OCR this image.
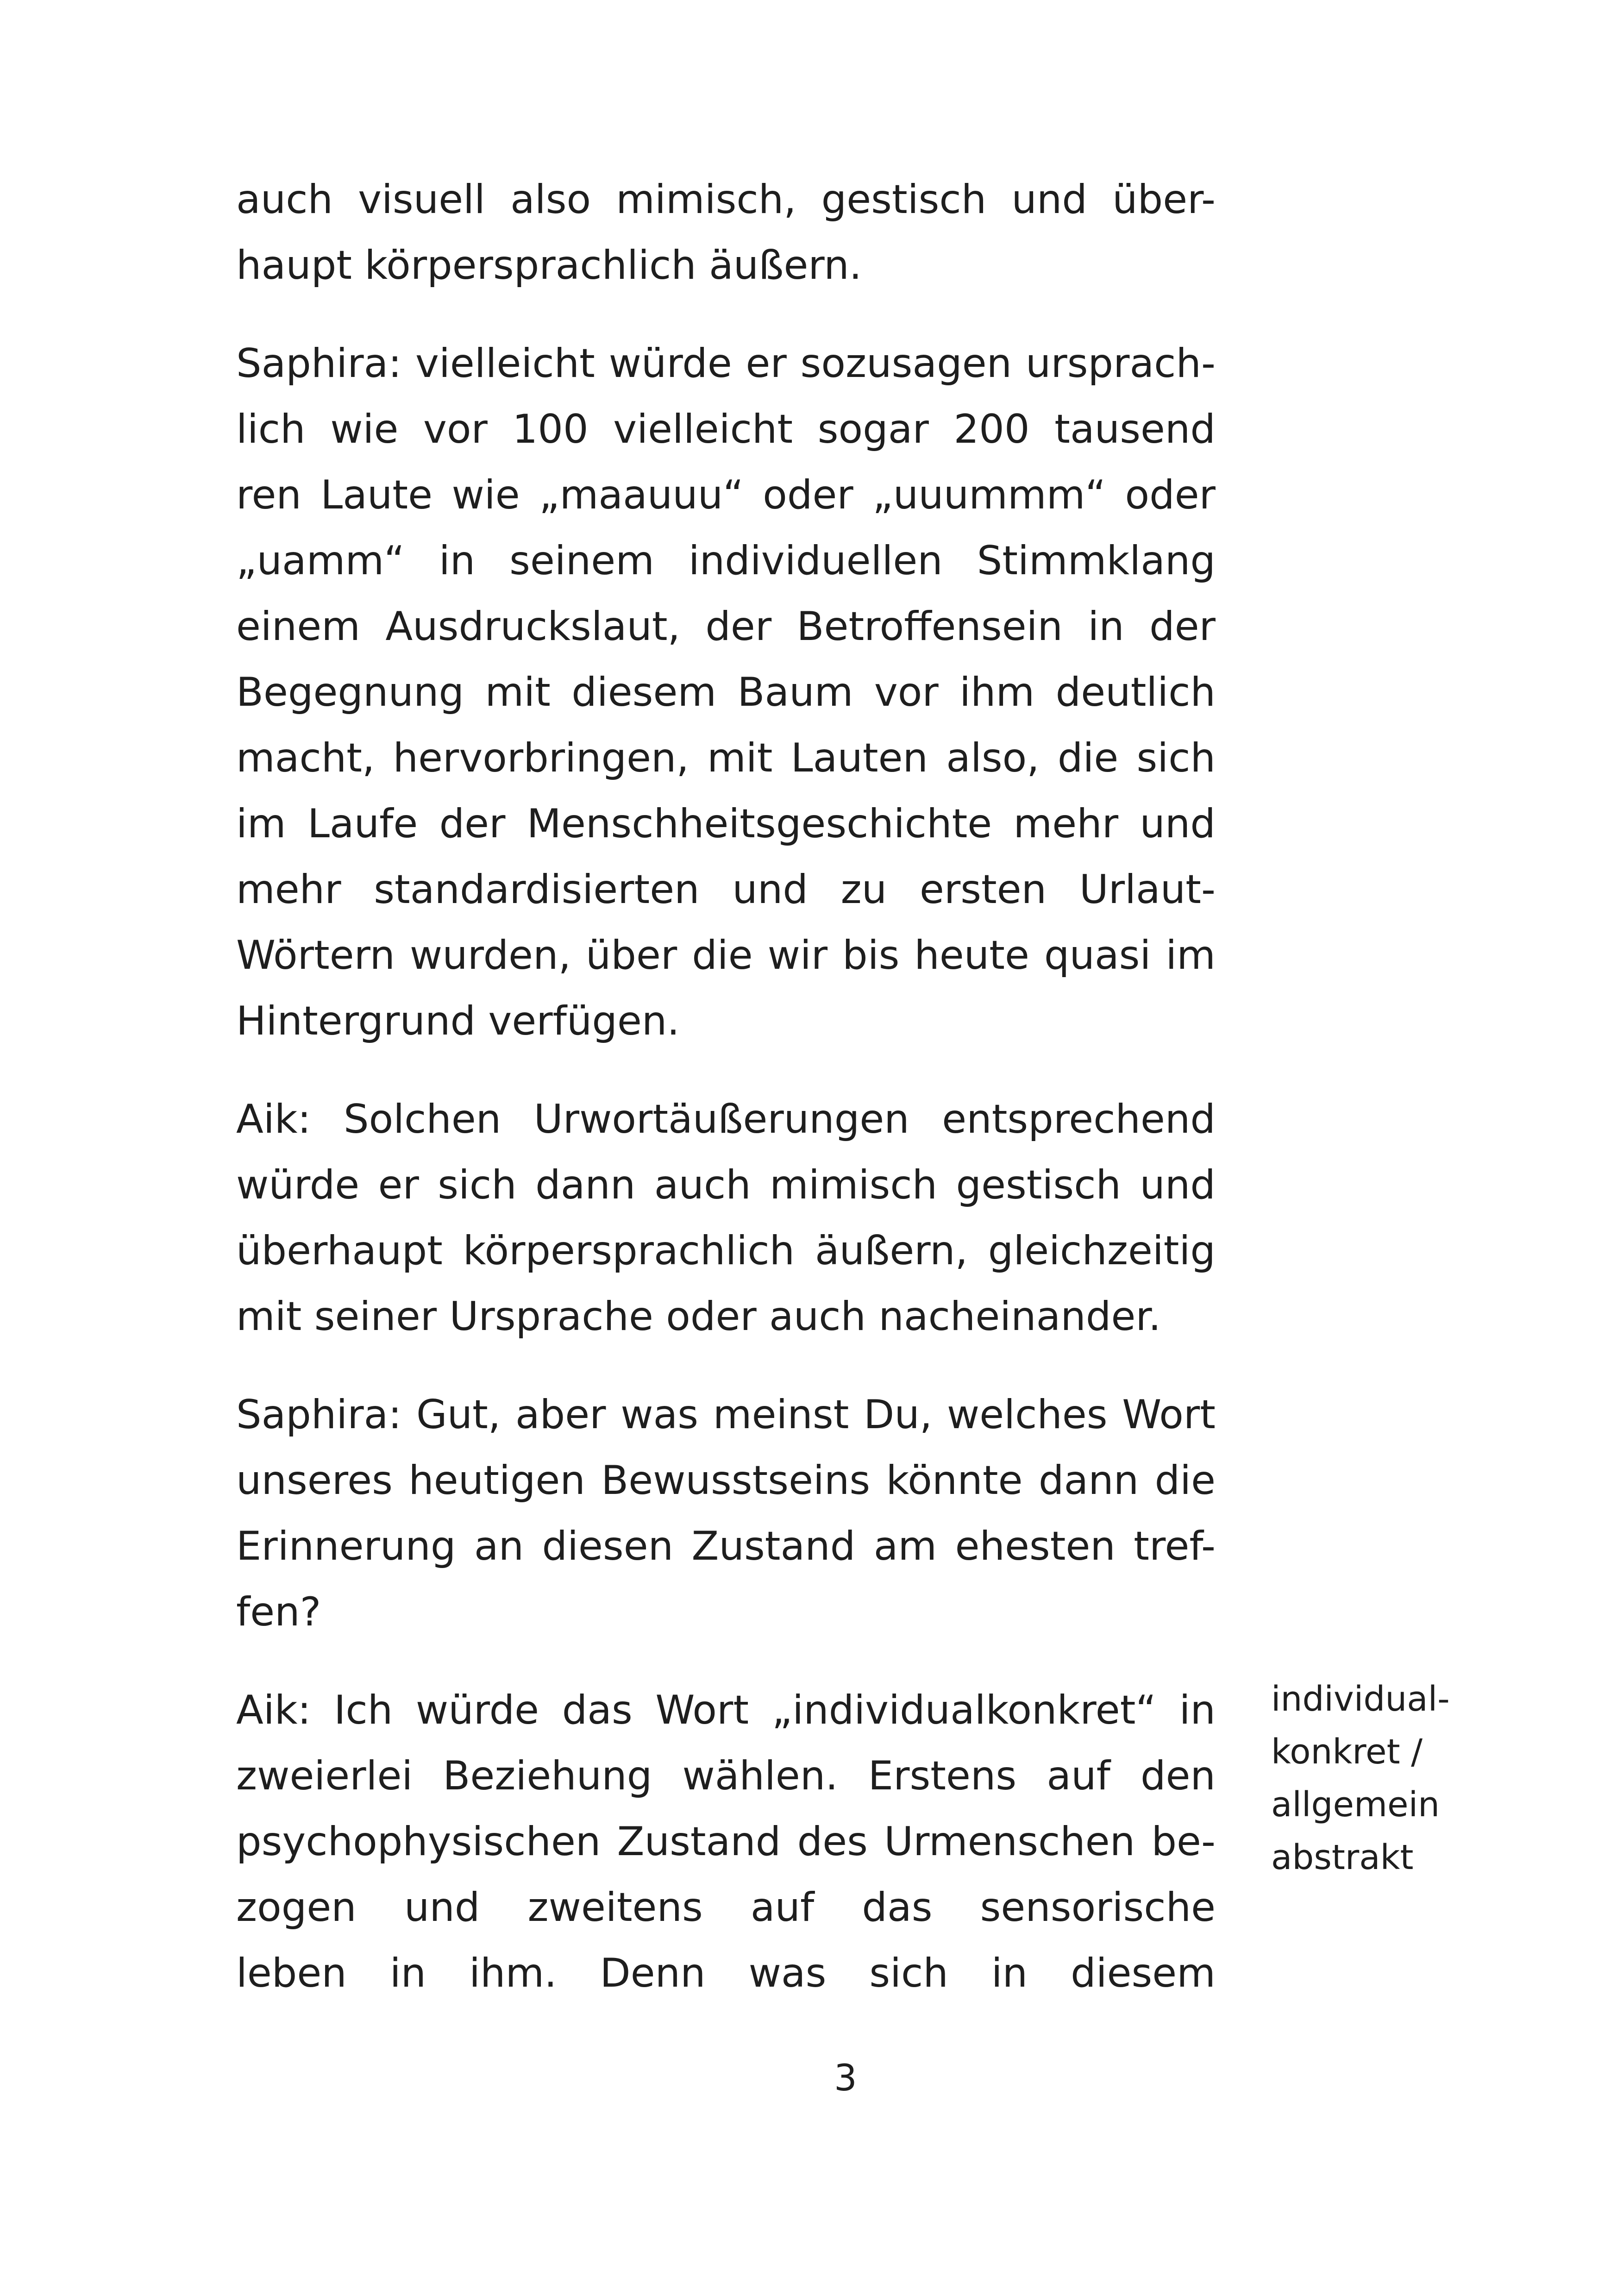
auch visuell also mimisch, gestisch und über-
haupt körpersprachlich äußern.

Saphira: vielleicht würde er sozusagen ursprach-
lich wie vor 100 vielleicht sogar 200 tausend
ren Laute wie „maauuu“ oder „uuummm“ oder
„uamm“ in seinem individuellen Stimmklang
einem Ausdruckslaut, der Betroffensein in der
Begegnung mit diesem Baum vor ihm deutlich
macht, hervorbringen, mit Lauten also, die sich
im Laufe der Menschheitsgeschichte mehr und
mehr standardisierten und zu ersten Urlaut-
Wörtern wurden, über die wir bis heute quasi im
Hintergrund verfügen.

Aik: Solchen Urwortäußerungen entsprechend
würde er sich dann auch mimisch gestisch und
überhaupt körpersprachlich äußern, gleichzeitig
mit seiner Ursprache oder auch nacheinander.

Saphira: Gut, aber was meinst Du, welches Wort
unseres heutigen Bewusstseins könnte dann die
Erinnerung an diesen Zustand am ehesten tref-
fen?

Aik: Ich würde das Wort „individualkonkret“ in
zweierlei Beziehung wählen. Erstens auf den
psychophysischen Zustand des Urmenschen be-
zogen und zweitens auf das sensorische
leben in ihm. Denn was sich in diesem

individual-
konkret /
allgemein
abstrakt
3
